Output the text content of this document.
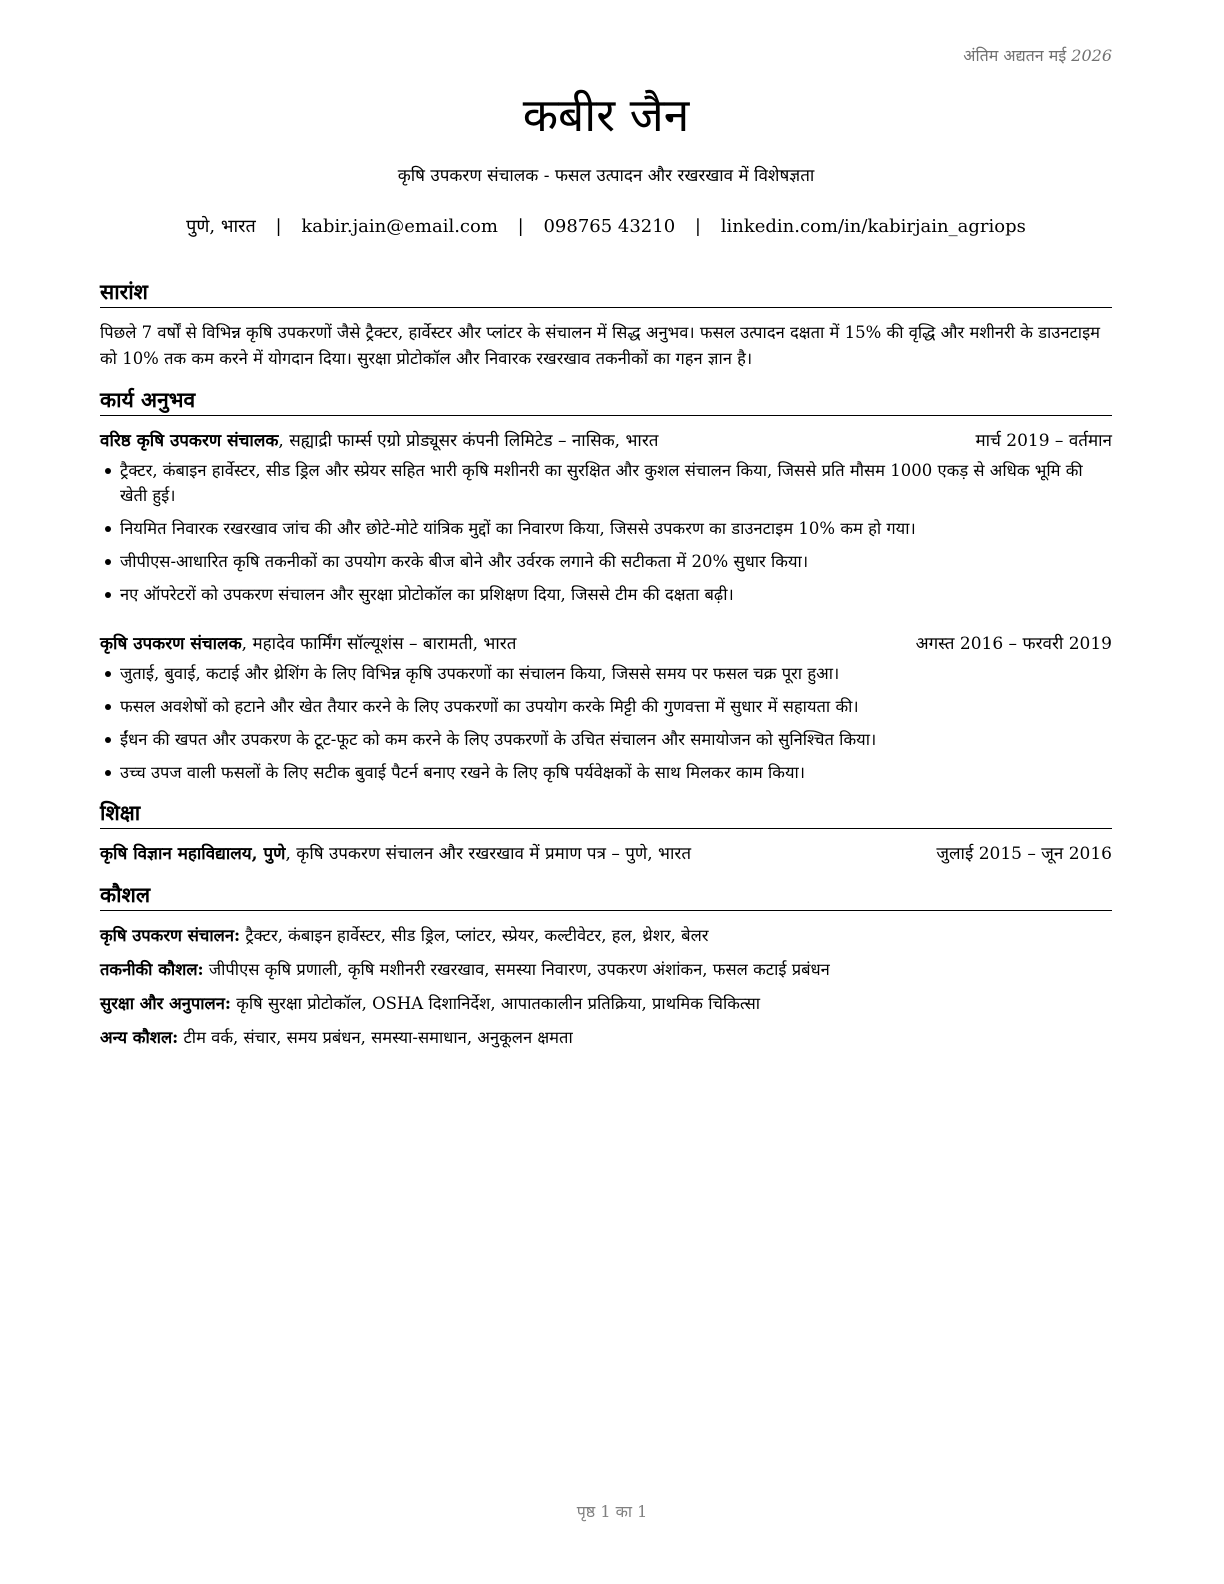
अंतिम अद्यतन मई 2026
कबीर जैन
कृषि उपकरण संचालक - फसल उत्पादन और रखरखाव में विशेषज्ञता
पुणे, भारत | kabir.jain@email.com | 098765 43210 | linkedin.com/in/kabirjain_agriops
सारांश
पिछले 7 वर्षों से विभिन्न कृषि उपकरणों जैसे ट्रैक्टर, हार्वेस्टर और प्लांटर के संचालन में सिद्ध अनुभव। फसल उत्पादन दक्षता में 15% की वृद्धि और मशीनरी के डाउनटाइम को 10% तक कम करने में योगदान दिया। सुरक्षा प्रोटोकॉल और निवारक रखरखाव तकनीकों का गहन ज्ञान है।
कार्य अनुभव
वरिष्ठ कृषि उपकरण संचालक, सह्याद्री फार्म्स एग्रो प्रोड्यूसर कंपनी लिमिटेड – नासिक, भारत	मार्च 2019 – वर्तमान
ट्रैक्टर, कंबाइन हार्वेस्टर, सीड ड्रिल और स्प्रेयर सहित भारी कृषि मशीनरी का सुरक्षित और कुशल संचालन किया, जिससे प्रति मौसम 1000 एकड़ से अधिक भूमि की खेती हुई।
नियमित निवारक रखरखाव जांच की और छोटे-मोटे यांत्रिक मुद्दों का निवारण किया, जिससे उपकरण का डाउनटाइम 10% कम हो गया।
जीपीएस-आधारित कृषि तकनीकों का उपयोग करके बीज बोने और उर्वरक लगाने की सटीकता में 20% सुधार किया।
नए ऑपरेटरों को उपकरण संचालन और सुरक्षा प्रोटोकॉल का प्रशिक्षण दिया, जिससे टीम की दक्षता बढ़ी।
कृषि उपकरण संचालक, महादेव फार्मिंग सॉल्यूशंस – बारामती, भारत	अगस्त 2016 – फरवरी 2019
जुताई, बुवाई, कटाई और थ्रेशिंग के लिए विभिन्न कृषि उपकरणों का संचालन किया, जिससे समय पर फसल चक्र पूरा हुआ।
फसल अवशेषों को हटाने और खेत तैयार करने के लिए उपकरणों का उपयोग करके मिट्टी की गुणवत्ता में सुधार में सहायता की।
ईंधन की खपत और उपकरण के टूट-फूट को कम करने के लिए उपकरणों के उचित संचालन और समायोजन को सुनिश्चित किया।
उच्च उपज वाली फसलों के लिए सटीक बुवाई पैटर्न बनाए रखने के लिए कृषि पर्यवेक्षकों के साथ मिलकर काम किया।
शिक्षा
कृषि विज्ञान महाविद्यालय, पुणे, कृषि उपकरण संचालन और रखरखाव में प्रमाण पत्र – पुणे, भारत	जुलाई 2015 – जून 2016
कौशल
कृषि उपकरण संचालन: ट्रैक्टर, कंबाइन हार्वेस्टर, सीड ड्रिल, प्लांटर, स्प्रेयर, कल्टीवेटर, हल, थ्रेशर, बेलर
तकनीकी कौशल: जीपीएस कृषि प्रणाली, कृषि मशीनरी रखरखाव, समस्या निवारण, उपकरण अंशांकन, फसल कटाई प्रबंधन
सुरक्षा और अनुपालन: कृषि सुरक्षा प्रोटोकॉल, OSHA दिशानिर्देश, आपातकालीन प्रतिक्रिया, प्राथमिक चिकित्सा
अन्य कौशल: टीम वर्क, संचार, समय प्रबंधन, समस्या-समाधान, अनुकूलन क्षमता
पृष्ठ 1 का 1
